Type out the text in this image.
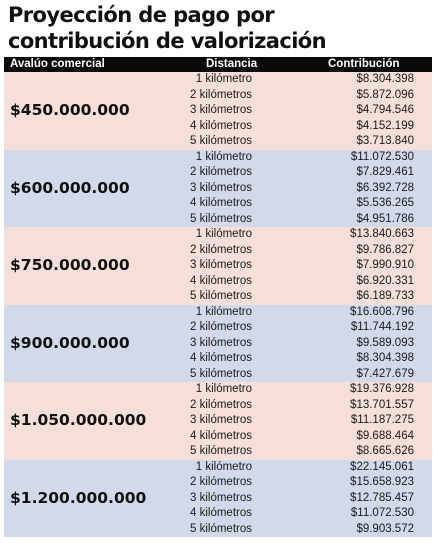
Proyección de pago por
contribución de valorización
Avalúo comercial	Distancia	Contribución
$450.000.000
1 kilómetro	$8.304.398
2 kilómetros	$5.872.096
3 kilómetros	$4.794.546
4 kilómetros	$4.152.199
5 kilómetros	$3.713.840
$600.000.000
1 kilómetro	$11.072.530
2 kilómetros	$7.829.461
3 kilómetros	$6.392.728
4 kilómetros	$5.536.265
5 kilómetros	$4.951.786
$750.000.000
1 kilómetro	$13.840.663
2 kilómetros	$9.786.827
3 kilómetros	$7.990.910
4 kilómetros	$6.920.331
5 kilómetros	$6.189.733
$900.000.000
1 kilómetro	$16.608.796
2 kilómetros	$11.744.192
3 kilómetros	$9.589.093
4 kilómetros	$8.304.398
5 kilómetros	$7.427.679
$1.050.000.000
1 kilómetro	$19.376.928
2 kilómetros	$13.701.557
3 kilómetros	$11.187.275
4 kilómetros	$9.688.464
5 kilómetros	$8.665.626
$1.200.000.000
1 kilómetro	$22.145.061
2 kilómetros	$15.658.923
3 kilómetros	$12.785.457
4 kilómetros	$11.072.530
5 kilómetros	$9.903.572
